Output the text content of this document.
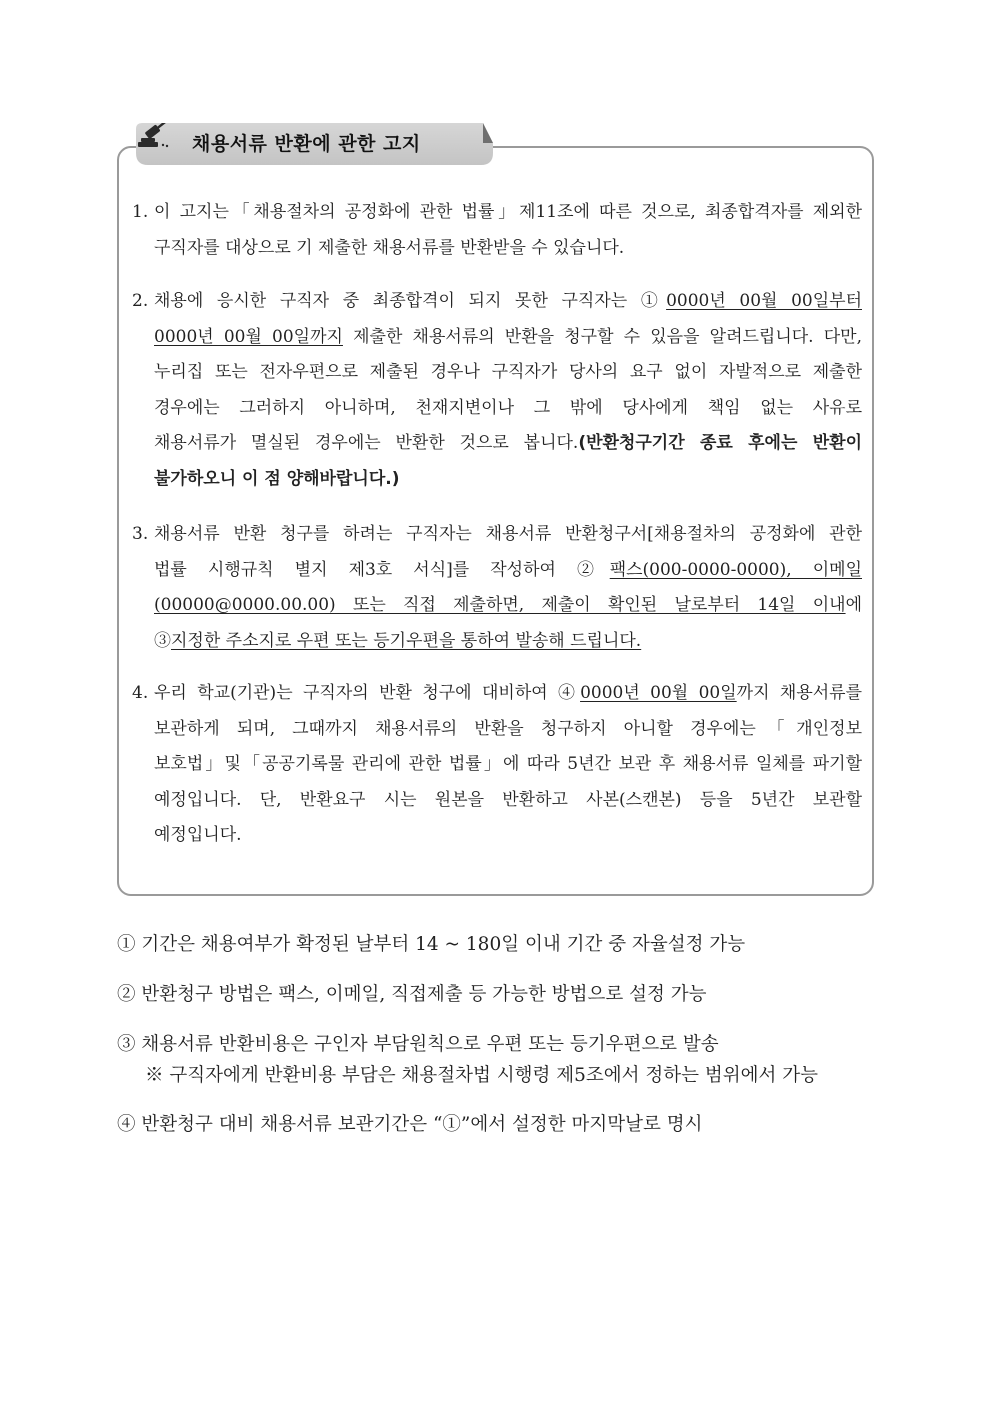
채용서류 반환에 관한 고지
1. 이 고지는「채용절차의 공정화에 관한 법률」제11조에 따른 것으로, 최종합격자를 제외한
구직자를 대상으로 기 제출한 채용서류를 반환받을 수 있습니다.
2. 채용에 응시한 구직자 중 최종합격이 되지 못한 구직자는 ①0000년 00월 00일부터
0000년 00월 00일까지 제출한 채용서류의 반환을 청구할 수 있음을 알려드립니다. 다만,
누리집 또는 전자우편으로 제출된 경우나 구직자가 당사의 요구 없이 자발적으로 제출한
경우에는 그러하지 아니하며, 천재지변이나 그 밖에 당사에게 책임 없는 사유로
채용서류가 멸실된 경우에는 반환한 것으로 봅니다.(반환청구기간 종료 후에는 반환이
불가하오니 이 점 양해바랍니다.)
3. 채용서류 반환 청구를 하려는 구직자는 채용서류 반환청구서[채용절차의 공정화에 관한
법률 시행규칙 별지 제3호 서식]를 작성하여 ②팩스(000-0000-0000), 이메일
(00000@0000.00.00) 또는 직접 제출하면, 제출이 확인된 날로부터 14일 이내에
③지정한 주소지로 우편 또는 등기우편을 통하여 발송해 드립니다.
4. 우리 학교(기관)는 구직자의 반환 청구에 대비하여 ④0000년 00월 00일까지 채용서류를
보관하게 되며, 그때까지 채용서류의 반환을 청구하지 아니할 경우에는「개인정보
보호법」및「공공기록물 관리에 관한 법률」에 따라 5년간 보관 후 채용서류 일체를 파기할
예정입니다. 단, 반환요구 시는 원본을 반환하고 사본(스캔본) 등을 5년간 보관할
예정입니다.
① 기간은 채용여부가 확정된 날부터 14 ~ 180일 이내 기간 중 자율설정 가능
② 반환청구 방법은 팩스, 이메일, 직접제출 등 가능한 방법으로 설정 가능
③ 채용서류 반환비용은 구인자 부담원칙으로 우편 또는 등기우편으로 발송
※ 구직자에게 반환비용 부담은 채용절차법 시행령 제5조에서 정하는 범위에서 가능
④ 반환청구 대비 채용서류 보관기간은 “①”에서 설정한 마지막날로 명시
